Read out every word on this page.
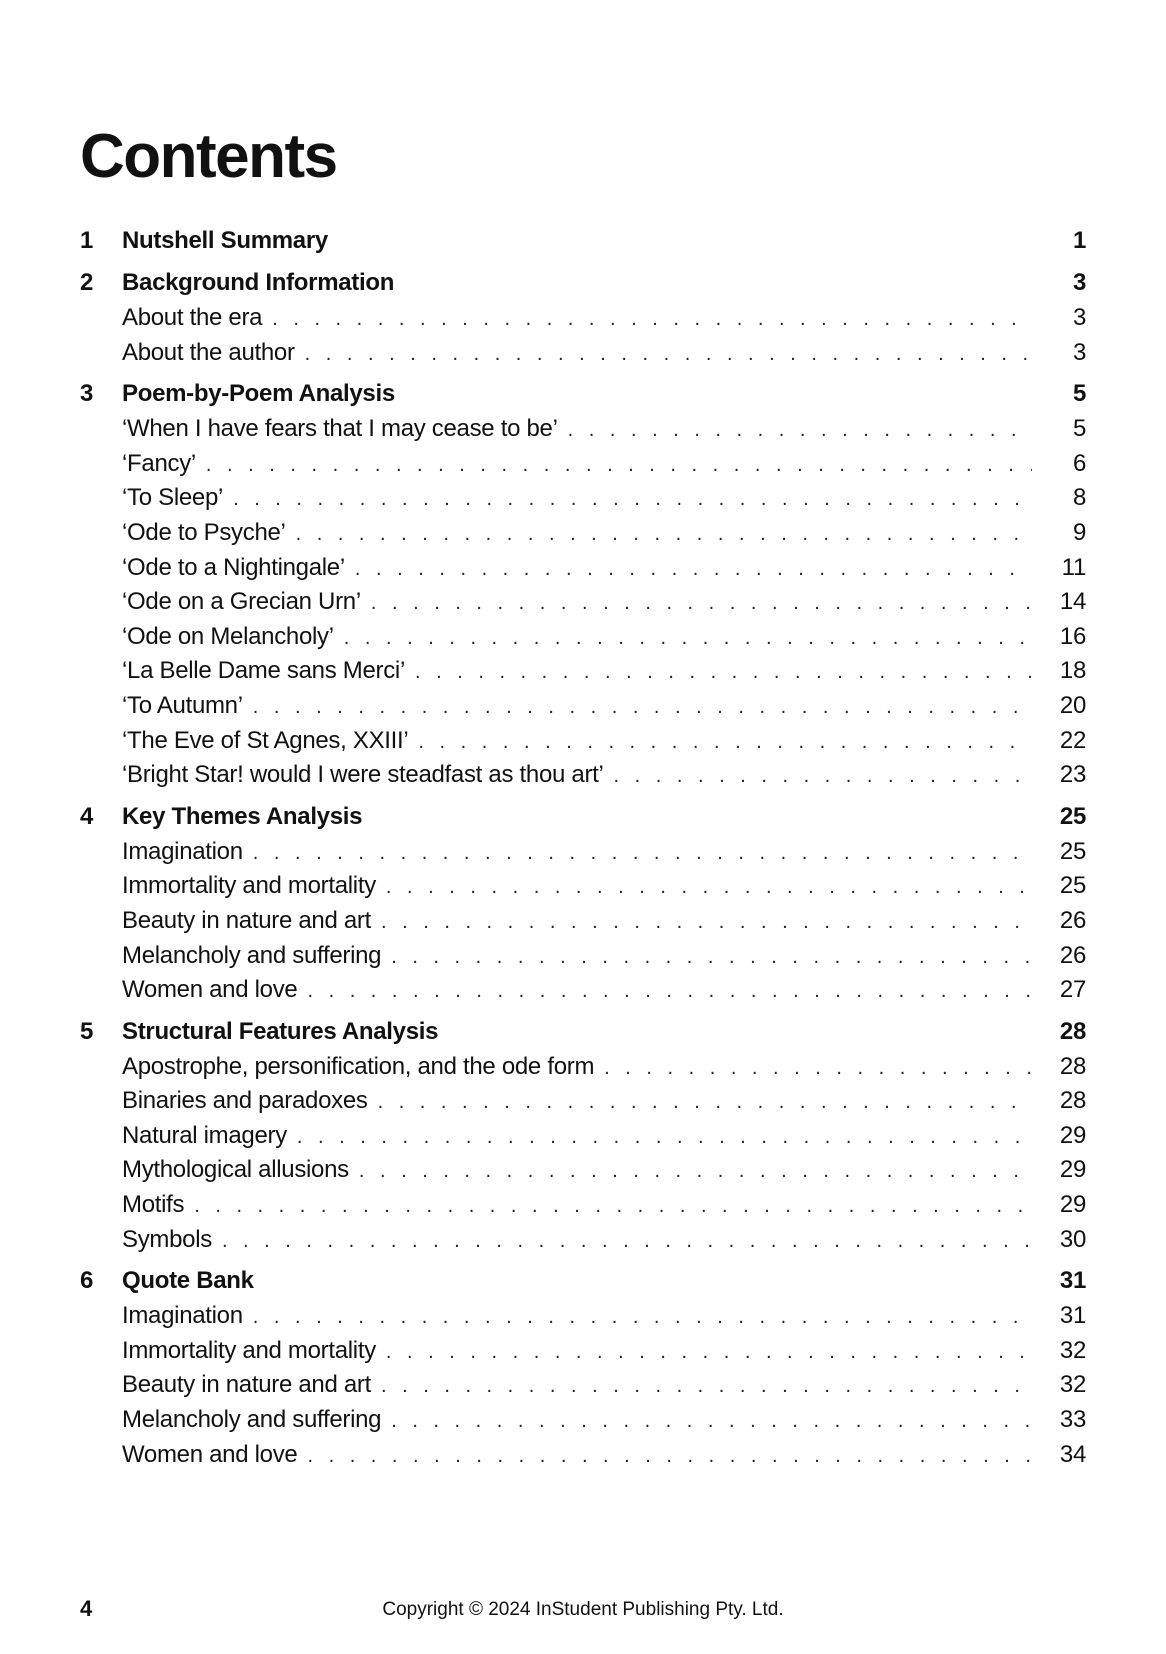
Contents
1	Nutshell Summary	1
2	Background Information	3
About the era . . .	3
About the author . . .	3
3	Poem-by-Poem Analysis	5
‘When I have fears that I may cease to be’ . . .	5
‘Fancy’ . . .	6
‘To Sleep’ . . .	8
‘Ode to Psyche’ . . .	9
‘Ode to a Nightingale’ . . .	11
‘Ode on a Grecian Urn’ . . .	14
‘Ode on Melancholy’ . . .	16
‘La Belle Dame sans Merci’ . . .	18
‘To Autumn’ . . .	20
‘The Eve of St Agnes, XXIII’ . . .	22
‘Bright Star! would I were steadfast as thou art’ . . .	23
4	Key Themes Analysis	25
Imagination . . .	25
Immortality and mortality . . .	25
Beauty in nature and art . . .	26
Melancholy and suffering . . .	26
Women and love . . .	27
5	Structural Features Analysis	28
Apostrophe, personification, and the ode form . . .	28
Binaries and paradoxes . . .	28
Natural imagery . . .	29
Mythological allusions . . .	29
Motifs . . .	29
Symbols . . .	30
6	Quote Bank	31
Imagination . . .	31
Immortality and mortality . . .	32
Beauty in nature and art . . .	32
Melancholy and suffering . . .	33
Women and love . . .	34
4	Copyright © 2024 InStudent Publishing Pty. Ltd.
